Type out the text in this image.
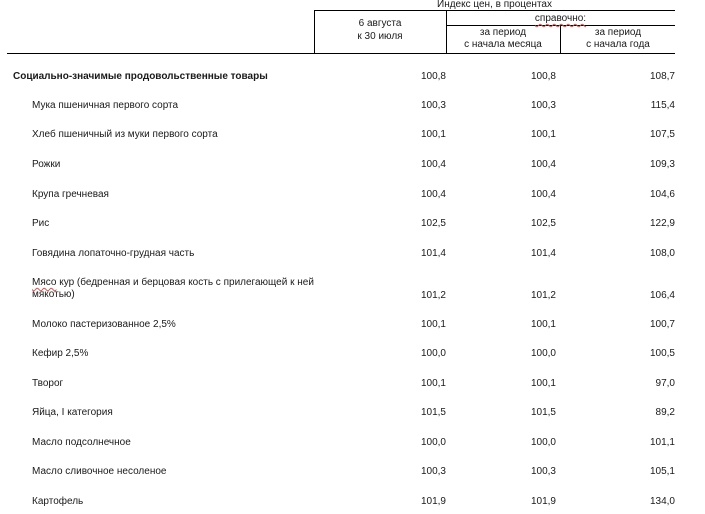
Индекс цен, в процентах
6 августа
к 30 июля
справочно:
за период
с начала месяца
за период
с начала года
Социально-значимые продовольственные товары	100,8	100,8	108,7
Мука пшеничная первого сорта	100,3	100,3	115,4
Хлеб пшеничный из муки первого сорта	100,1	100,1	107,5
Рожки	100,4	100,4	109,3
Крупа гречневая	100,4	100,4	104,6
Рис	102,5	102,5	122,9
Говядина лопаточно-грудная часть	101,4	101,4	108,0
Мясо кур (бедренная и берцовая кость с прилегающей к ней
мякотью)	101,2	101,2	106,4
Молоко пастеризованное 2,5%	100,1	100,1	100,7
Кефир 2,5%	100,0	100,0	100,5
Творог	100,1	100,1	97,0
Яйца, I категория	101,5	101,5	89,2
Масло подсолнечное	100,0	100,0	101,1
Масло сливочное несоленое	100,3	100,3	105,1
Картофель	101,9	101,9	134,0
